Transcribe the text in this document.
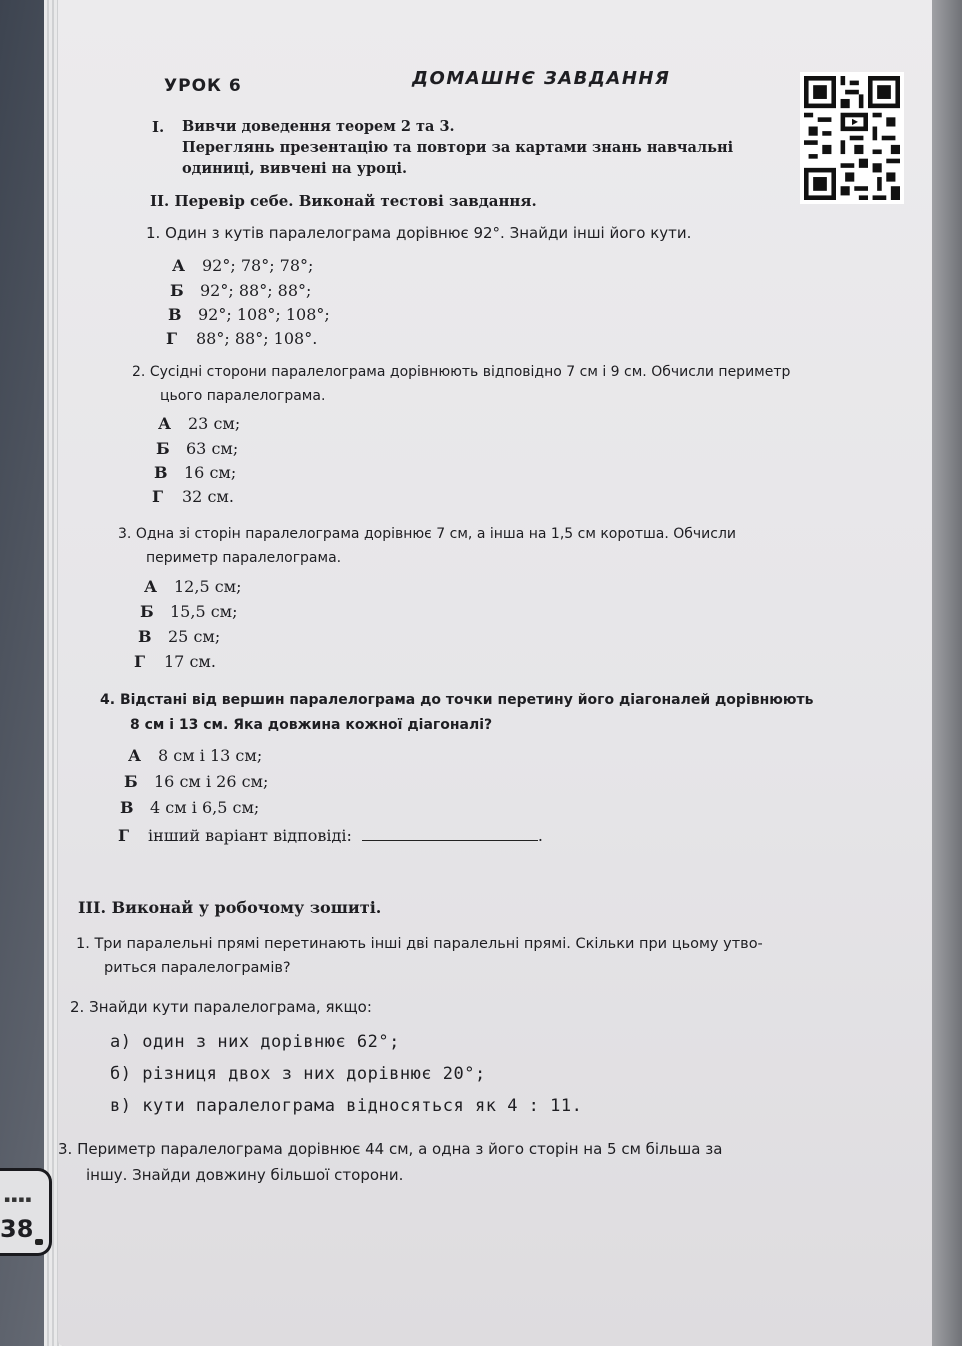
УРОК 6	ДОМАШНЄ ЗАВДАННЯ
I. Вивчи доведення теорем 2 та 3.
Переглянь презентацію та повтори за картами знань навчальні
одиниці, вивчені на уроці.
II. Перевір себе. Виконай тестові завдання.
1. Один з кутів паралелограма дорівнює 92°. Знайди інші його кути.
А 92°; 78°; 78°;
Б 92°; 88°; 88°;
В 92°; 108°; 108°;
Г 88°; 88°; 108°.
2. Сусідні сторони паралелограма дорівнюють відповідно 7 см і 9 см. Обчисли периметр
цього паралелограма.
А 23 см;
Б 63 см;
В 16 см;
Г 32 см.
3. Одна зі сторін паралелограма дорівнює 7 см, а інша на 1,5 см коротша. Обчисли
периметр паралелограма.
А 12,5 см;
Б 15,5 см;
В 25 см;
Г 17 см.
4. Відстані від вершин паралелограма до точки перетину його діагоналей дорівнюють
8 см і 13 см. Яка довжина кожної діагоналі?
А 8 см і 13 см;
Б 16 см і 26 см;
В 4 см і 6,5 см;
Г інший варіант відповіді:	.
III. Виконай у робочому зошиті.
1. Три паралельні прямі перетинають інші дві паралельні прямі. Скільки при цьому утво-
риться паралелограмів?
2. Знайди кути паралелограма, якщо:
а) один з них дорівнює 62°;
б) різниця двох з них дорівнює 20°;
в) кути паралелограма відносяться як 4 : 11.
3. Периметр паралелограма дорівнює 44 см, а одна з його сторін на 5 см більша за
іншу. Знайди довжину більшої сторони.
▪▪▪▪
38
